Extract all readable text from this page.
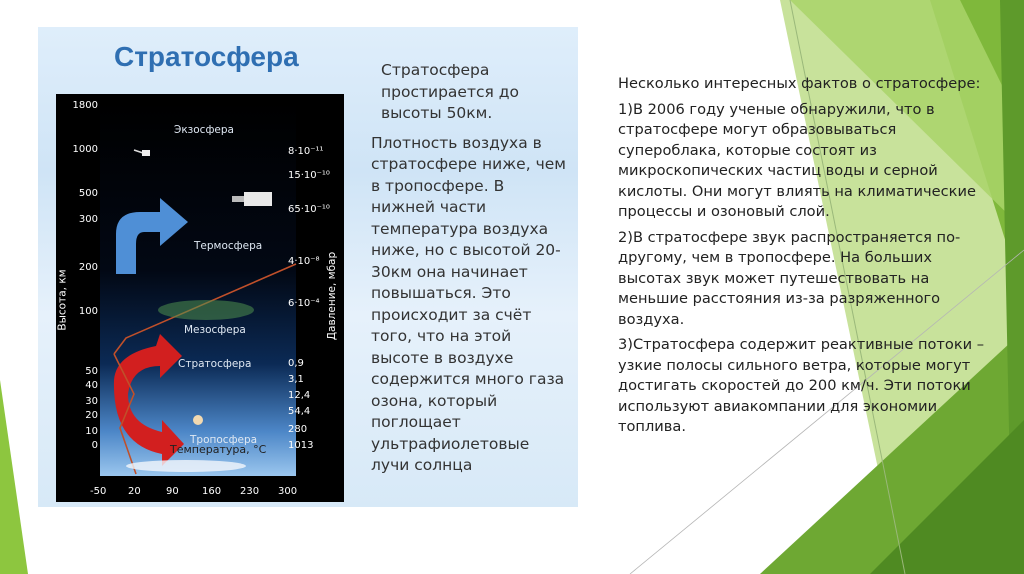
Стратосфера
1800
1000
500
300
200
100
50
40
30
20
10
0
8·10⁻¹¹
15·10⁻¹⁰
65·10⁻¹⁰
4·10⁻⁸
6·10⁻⁴
0,9
3,1
12,4
54,4
280
1013
-50 20	90 160 230 300
Экзосфера
Термосфера
Мезосфера
Стратосфера
Тропосфера
Высота, км	Давление, мбар
Температура, °С

Стратосфера простирается до высоты 50км.

Плотность воздуха в стратосфере ниже, чем в тропосфере. В нижней части температура воздуха ниже, но с высотой 20-30км она начинает повышаться. Это происходит за счёт того, что на этой высоте в воздухе содержится много газа озона, который поглощает ультрафиолетовые лучи солнца

Несколько интересных фактов о стратосфере:

1)В 2006 году ученые обнаружили, что в стратосфере могут образовываться супероблака, которые состоят из микроскопических частиц воды и серной кислоты. Они могут влиять на климатические процессы и озоновый слой.

2)В стратосфере звук распространяется по-другому, чем в тропосфере. На больших высотах звук может путешествовать на меньшие расстояния из-за разряженного воздуха.

3)Стратосфера содержит реактивные потоки – узкие полосы сильного ветра, которые могут достигать скоростей до 200 км/ч. Эти потоки используют авиакомпании для экономии топлива.
